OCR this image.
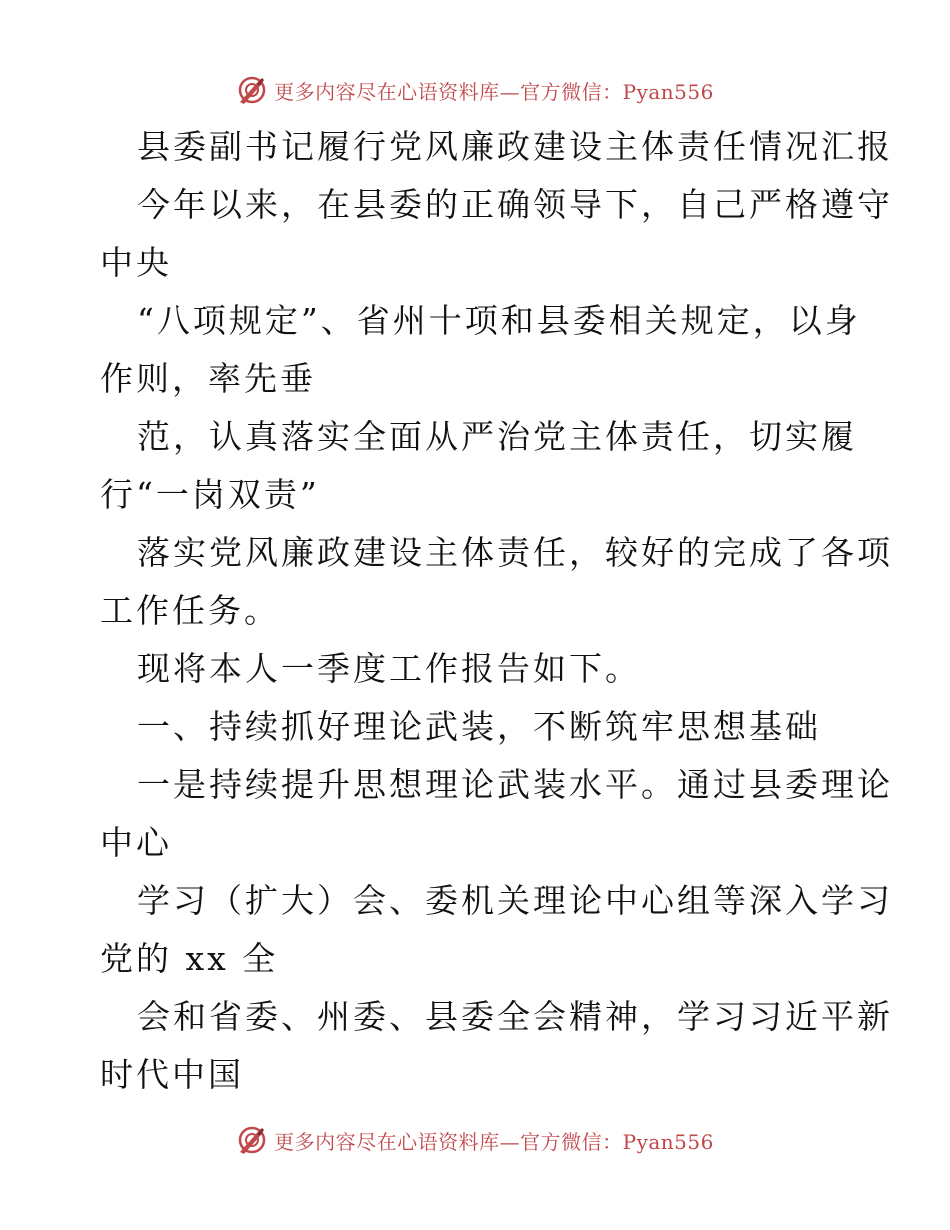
更多内容尽在心语资料库—官方微信：Pyan556
县委副书记履行党风廉政建设主体责任情况汇报
今年以来，在县委的正确领导下，自己严格遵守
中央
“八项规定”、省州十项和县委相关规定，以身
作则，率先垂
范，认真落实全面从严治党主体责任，切实履
行“一岗双责”
落实党风廉政建设主体责任，较好的完成了各项
工作任务。
现将本人一季度工作报告如下。
一、持续抓好理论武装，不断筑牢思想基础
一是持续提升思想理论武装水平。通过县委理论
中心
学习（扩大）会、委机关理论中心组等深入学习
党的 xx 全
会和省委、州委、县委全会精神，学习习近平新
时代中国
更多内容尽在心语资料库—官方微信：Pyan556
